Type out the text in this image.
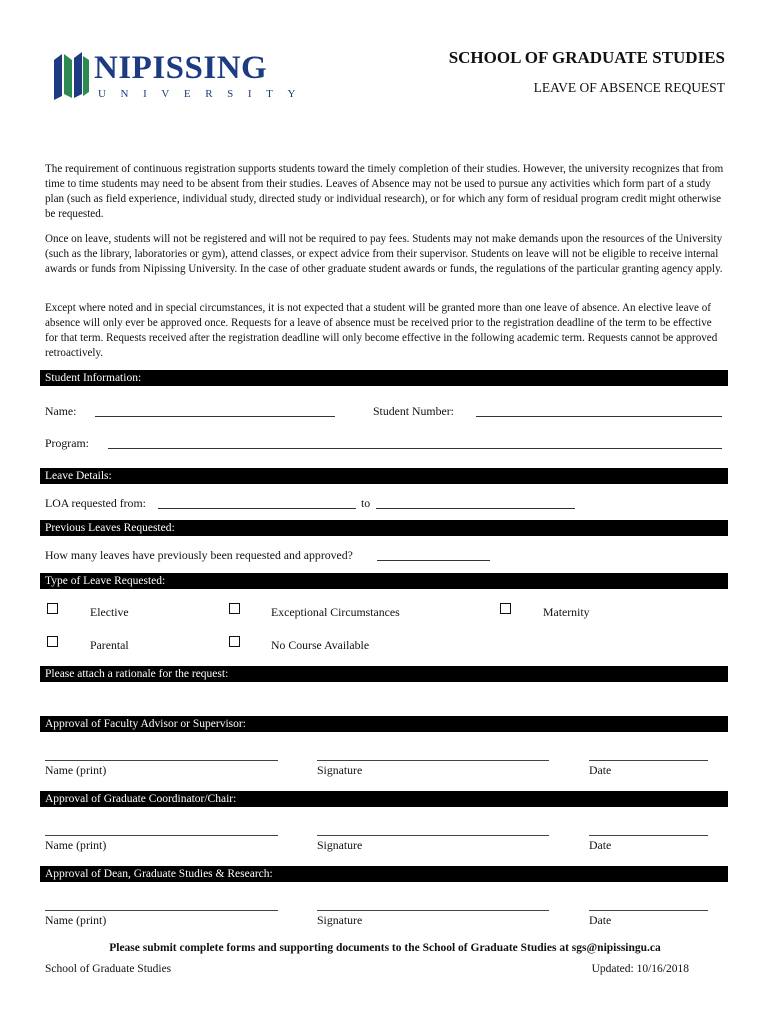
NIPISSING
UNIVERSITY
SCHOOL OF GRADUATE STUDIES
LEAVE OF ABSENCE REQUEST
The requirement of continuous registration supports students toward the timely completion of their studies. However, the university recognizes that from time to time students may need to be absent from their studies. Leaves of Absence may not be used to pursue any activities which form part of a study plan (such as field experience, individual study, directed study or individual research), or for which any form of residual program credit might otherwise be requested.
Once on leave, students will not be registered and will not be required to pay fees. Students may not make demands upon the resources of the University (such as the library, laboratories or gym), attend classes, or expect advice from their supervisor. Students on leave will not be eligible to receive internal awards or funds from Nipissing University. In the case of other graduate student awards or funds, the regulations of the particular granting agency apply.
Except where noted and in special circumstances, it is not expected that a student will be granted more than one leave of absence. An elective leave of absence will only ever be approved once. Requests for a leave of absence must be received prior to the registration deadline of the term to be effective for that term. Requests received after the registration deadline will only become effective in the following academic term. Requests cannot be approved retroactively.
Student Information:
Name:	Student Number:
Program:
Leave Details:
LOA requested from:	to
Previous Leaves Requested:
How many leaves have previously been requested and approved?
Type of Leave Requested:
Elective	Exceptional Circumstances	Maternity
Parental	No Course Available
Please attach a rationale for the request:
Approval of Faculty Advisor or Supervisor:
Name (print)	Signature	Date
Approval of Graduate Coordinator/Chair:
Name (print)	Signature	Date
Approval of Dean, Graduate Studies & Research:
Name (print)	Signature	Date
Please submit complete forms and supporting documents to the School of Graduate Studies at sgs@nipissingu.ca
School of Graduate Studies	Updated: 10/16/2018
